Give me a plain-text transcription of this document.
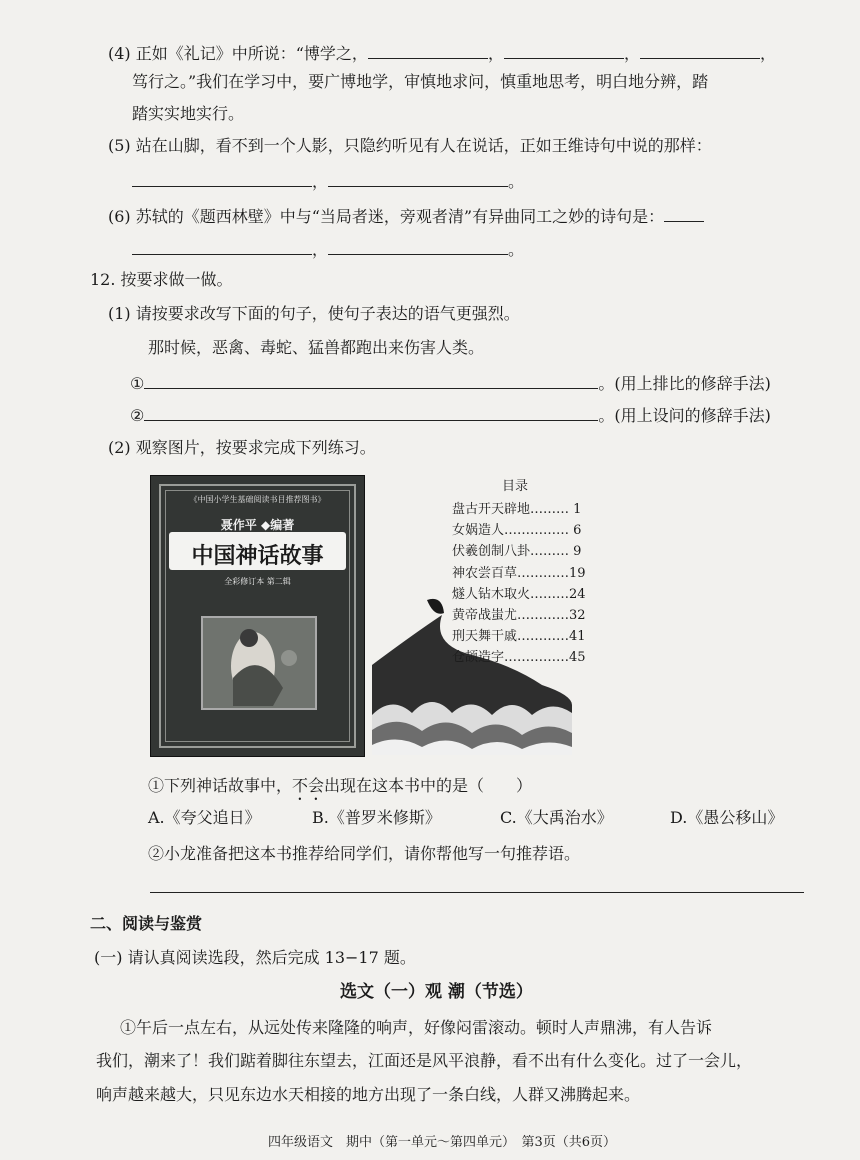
(4) 正如《礼记》中所说：“博学之，	，	，	，
笃行之。”我们在学习中，要广博地学，审慎地求问，慎重地思考，明白地分辨，踏
踏实实地实行。
(5) 站在山脚，看不到一个人影，只隐约听见有人在说话，正如王维诗句中说的那样：
，	。
(6) 苏轼的《题西林壁》中与“当局者迷，旁观者清”有异曲同工之妙的诗句是：
，	。
12. 按要求做一做。
(1) 请按要求改写下面的句子，使句子表达的语气更强烈。
那时候，恶禽、毒蛇、猛兽都跑出来伤害人类。
①	。(用上排比的修辞手法)
②	。(用上设问的修辞手法)
(2) 观察图片，按要求完成下列练习。
《中国小学生基础阅读书目推荐图书》
聂作平 ◆编著
中国神话故事
全彩修订本 第二辑
目录
盘古开天辟地……… 1
女娲造人…………… 6
伏羲创制八卦……… 9
神农尝百草…………19
燧人钻木取火………24
黄帝战蚩尤…………32
刑天舞干戚…………41
仓颉造字……………45
①下列神话故事中，不会出现在这本书中的是（　　）
A.《夸父追日》	B.《普罗米修斯》	C.《大禹治水》	D.《愚公移山》
②小龙准备把这本书推荐给同学们，请你帮他写一句推荐语。
二、阅读与鉴赏
(一) 请认真阅读选段，然后完成 13−17 题。
选文（一）观 潮（节选）
①午后一点左右，从远处传来隆隆的响声，好像闷雷滚动。顿时人声鼎沸，有人告诉
我们，潮来了！我们踮着脚往东望去，江面还是风平浪静，看不出有什么变化。过了一会儿，
响声越来越大，只见东边水天相接的地方出现了一条白线，人群又沸腾起来。
四年级语文　期中（第一单元～第四单元）　第3页（共6页）
